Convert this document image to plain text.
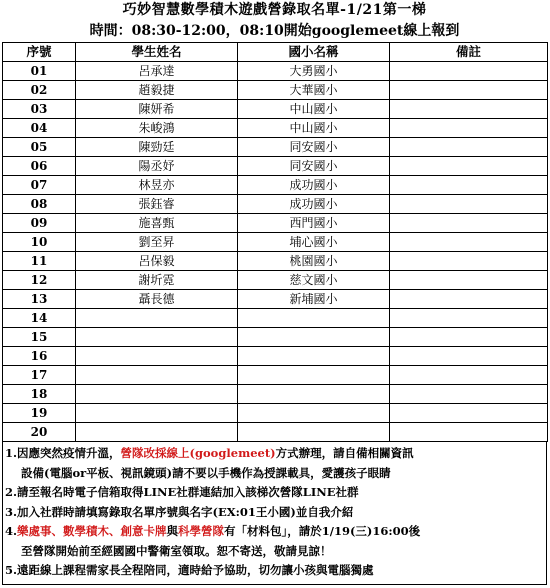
巧妙智慧數學積木遊戲營錄取名單-1/21第一梯
時間：08:30-12:00，08:10開始googlemeet線上報到
序號	學生姓名	國小名稱	備註
01	呂承達	大勇國小	
02	趙毅捷	大華國小	
03	陳妍希	中山國小	
04	朱峻鴻	中山國小	
05	陳勁廷	同安國小	
06	陽丞妤	同安國小	
07	林昱亦	成功國小	
08	張鈺睿	成功國小	
09	施喜甄	西門國小	
10	劉至昇	埔心國小	
11	呂保毅	桃園國小	
12	謝圻霓	慈文國小	
13	聶長德	新埔國小	
14			
15			
16			
17			
18			
19			
20			
1.因應突然疫情升溫，營隊改採線上(googlemeet)方式辦理，請自備相關資訊
設備(電腦or平板、視訊鏡頭)請不要以手機作為授課載具，愛護孩子眼睛
2.請至報名時電子信箱取得LINE社群連結加入該梯次營隊LINE社群
3.加入社群時請填寫錄取名單序號與名字(EX:01王小國)並自我介紹
4.樂處事、數學積木、創意卡牌與科學營隊有「材料包」，請於1/19(三)16:00後
至營隊開始前至經國國中警衛室領取。恕不寄送，敬請見諒！
5.遠距線上課程需家長全程陪同，適時給予協助，切勿讓小孩與電腦獨處
